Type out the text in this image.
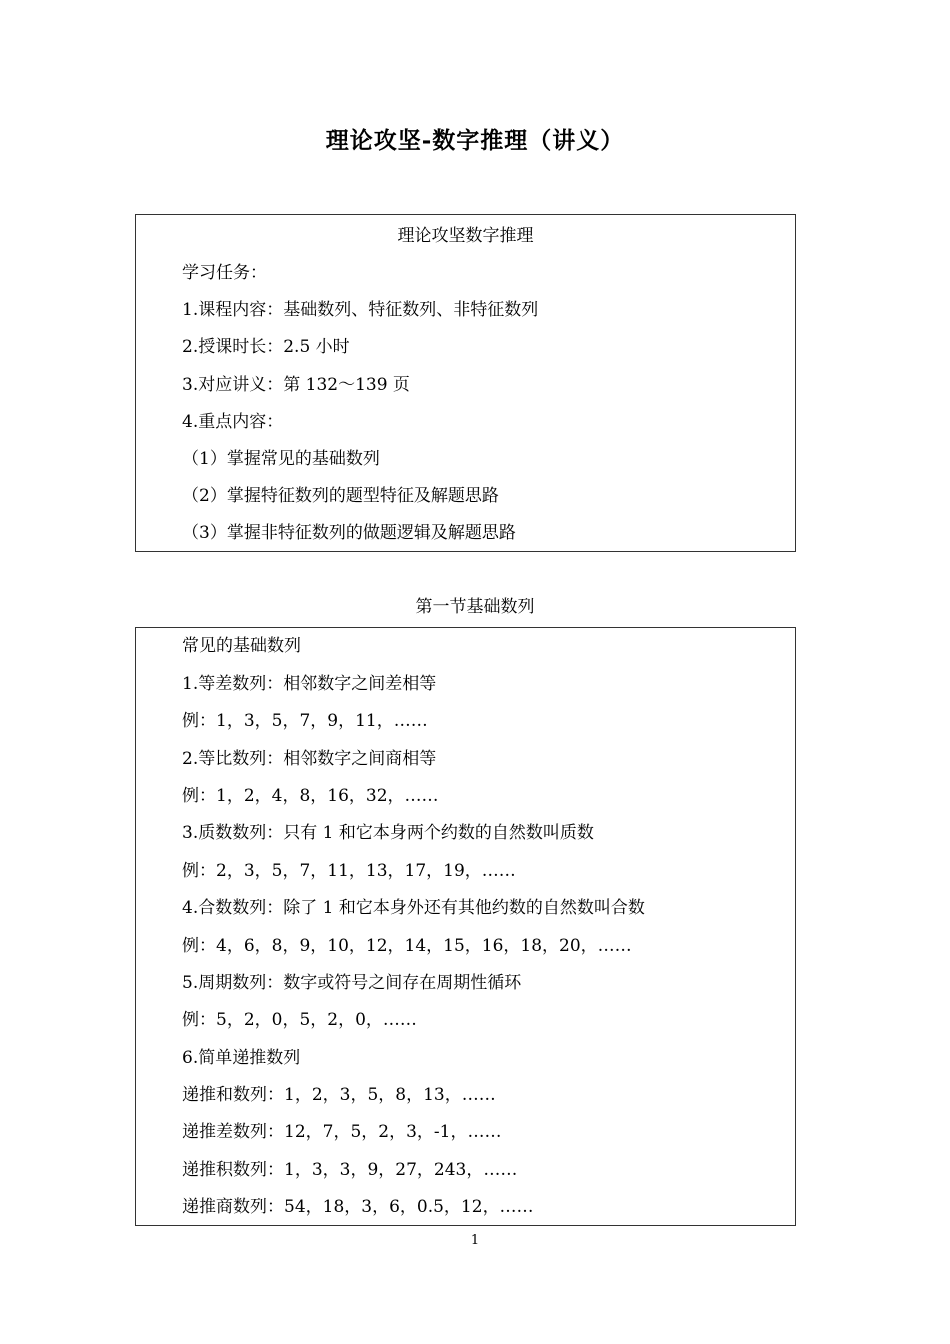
理论攻坚-数字推理（讲义）
理论攻坚数字推理
学习任务：
1.课程内容：基础数列、特征数列、非特征数列
2.授课时长：2.5 小时
3.对应讲义：第 132～139 页
4.重点内容：
（1）掌握常见的基础数列
（2）掌握特征数列的题型特征及解题思路
（3）掌握非特征数列的做题逻辑及解题思路
第一节基础数列
常见的基础数列
1.等差数列：相邻数字之间差相等
例：1，3，5，7，9，11，……
2.等比数列：相邻数字之间商相等
例：1，2，4，8，16，32，……
3.质数数列：只有 1 和它本身两个约数的自然数叫质数
例：2，3，5，7，11，13，17，19，……
4.合数数列：除了 1 和它本身外还有其他约数的自然数叫合数
例：4，6，8，9，10，12，14，15，16，18，20，……
5.周期数列：数字或符号之间存在周期性循环
例：5，2，0，5，2，0，……
6.简单递推数列
递推和数列：1，2，3，5，8，13，……
递推差数列：12，7，5，2，3，-1，……
递推积数列：1，3，3，9，27，243，……
递推商数列：54，18，3，6，0.5，12，……
1
